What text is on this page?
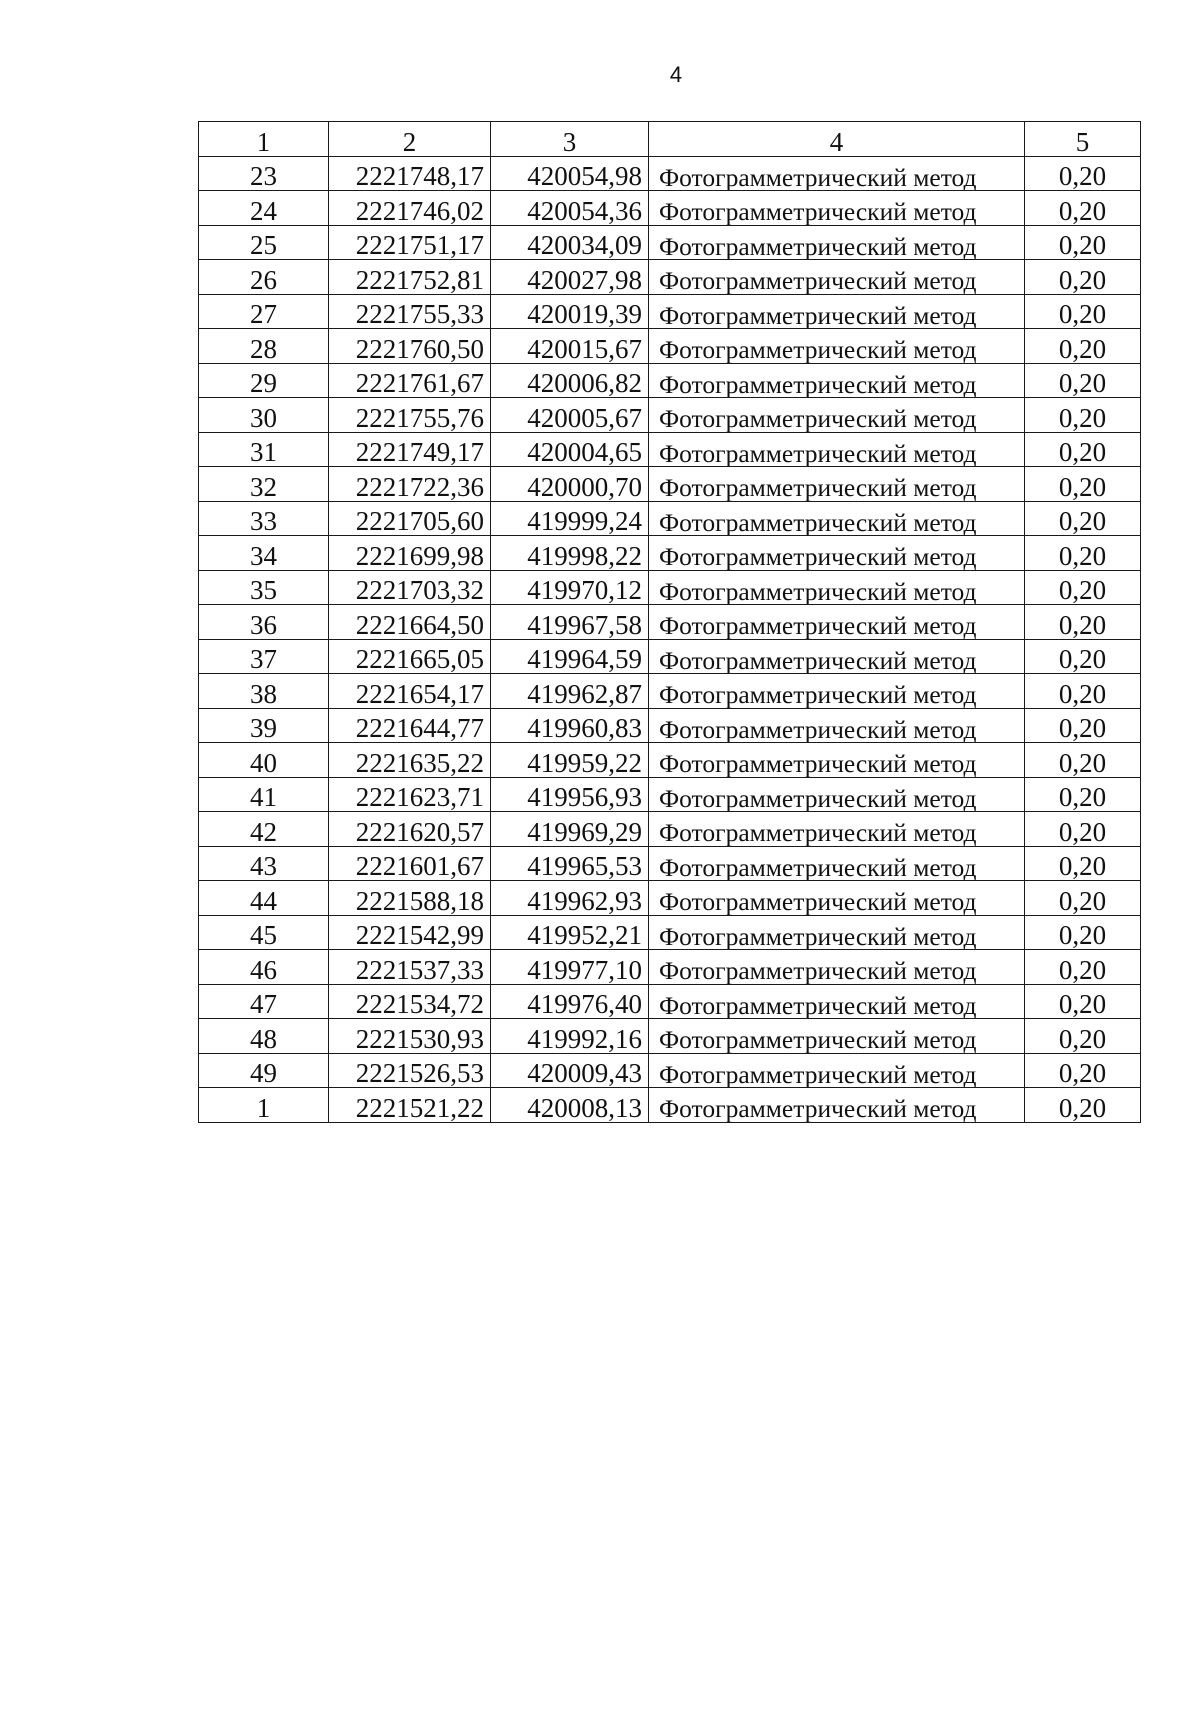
4
1	2	3	4	5
23	2221748,17	420054,98	Фотограмметрический метод	0,20
24	2221746,02	420054,36	Фотограмметрический метод	0,20
25	2221751,17	420034,09	Фотограмметрический метод	0,20
26	2221752,81	420027,98	Фотограмметрический метод	0,20
27	2221755,33	420019,39	Фотограмметрический метод	0,20
28	2221760,50	420015,67	Фотограмметрический метод	0,20
29	2221761,67	420006,82	Фотограмметрический метод	0,20
30	2221755,76	420005,67	Фотограмметрический метод	0,20
31	2221749,17	420004,65	Фотограмметрический метод	0,20
32	2221722,36	420000,70	Фотограмметрический метод	0,20
33	2221705,60	419999,24	Фотограмметрический метод	0,20
34	2221699,98	419998,22	Фотограмметрический метод	0,20
35	2221703,32	419970,12	Фотограмметрический метод	0,20
36	2221664,50	419967,58	Фотограмметрический метод	0,20
37	2221665,05	419964,59	Фотограмметрический метод	0,20
38	2221654,17	419962,87	Фотограмметрический метод	0,20
39	2221644,77	419960,83	Фотограмметрический метод	0,20
40	2221635,22	419959,22	Фотограмметрический метод	0,20
41	2221623,71	419956,93	Фотограмметрический метод	0,20
42	2221620,57	419969,29	Фотограмметрический метод	0,20
43	2221601,67	419965,53	Фотограмметрический метод	0,20
44	2221588,18	419962,93	Фотограмметрический метод	0,20
45	2221542,99	419952,21	Фотограмметрический метод	0,20
46	2221537,33	419977,10	Фотограмметрический метод	0,20
47	2221534,72	419976,40	Фотограмметрический метод	0,20
48	2221530,93	419992,16	Фотограмметрический метод	0,20
49	2221526,53	420009,43	Фотограмметрический метод	0,20
1	2221521,22	420008,13	Фотограмметрический метод	0,20
